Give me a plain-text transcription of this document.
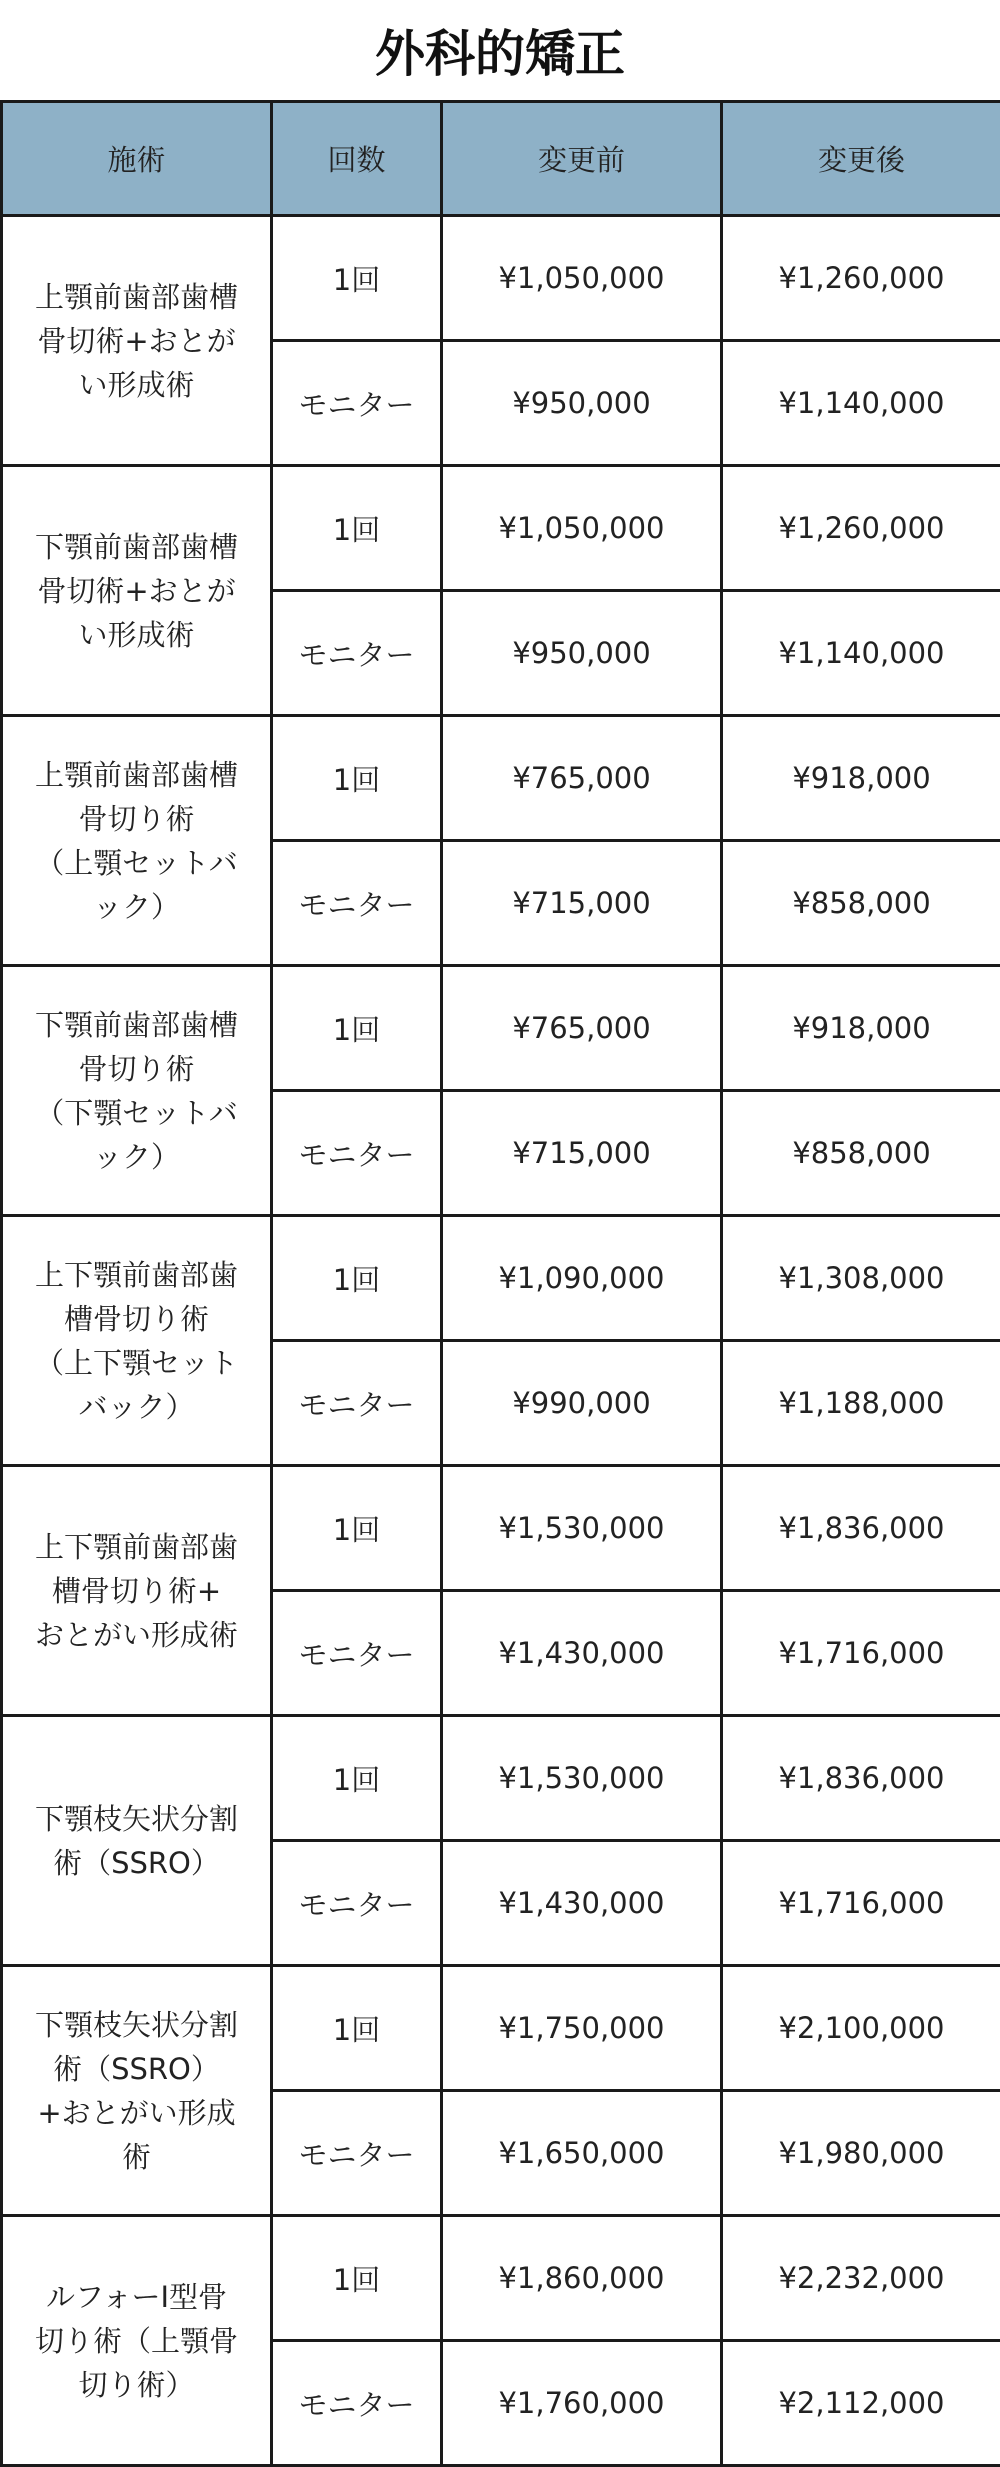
外科的矯正
施術	回数	変更前	変更後

上顎前歯部歯槽
骨切術+おとが
い形成術	1回	¥1,050,000	¥1,260,000
	モニター	¥950,000	¥1,140,000

下顎前歯部歯槽
骨切術+おとが
い形成術	1回	¥1,050,000	¥1,260,000
	モニター	¥950,000	¥1,140,000

上顎前歯部歯槽
骨切り術
（上顎セットバ
ック）	1回	¥765,000	¥918,000
	モニター	¥715,000	¥858,000

下顎前歯部歯槽
骨切り術
（下顎セットバ
ック）	1回	¥765,000	¥918,000
	モニター	¥715,000	¥858,000

上下顎前歯部歯
槽骨切り術
（上下顎セット
バック）	1回	¥1,090,000	¥1,308,000
	モニター	¥990,000	¥1,188,000

上下顎前歯部歯
槽骨切り術+
おとがい形成術	1回	¥1,530,000	¥1,836,000
	モニター	¥1,430,000	¥1,716,000

下顎枝矢状分割
術（SSRO）	1回	¥1,530,000	¥1,836,000
	モニター	¥1,430,000	¥1,716,000

下顎枝矢状分割
術（SSRO）
+おとがい形成
術	1回	¥1,750,000	¥2,100,000
	モニター	¥1,650,000	¥1,980,000

ルフォーⅠ型骨
切り術（上顎骨
切り術）	1回	¥1,860,000	¥2,232,000
	モニター	¥1,760,000	¥2,112,000
